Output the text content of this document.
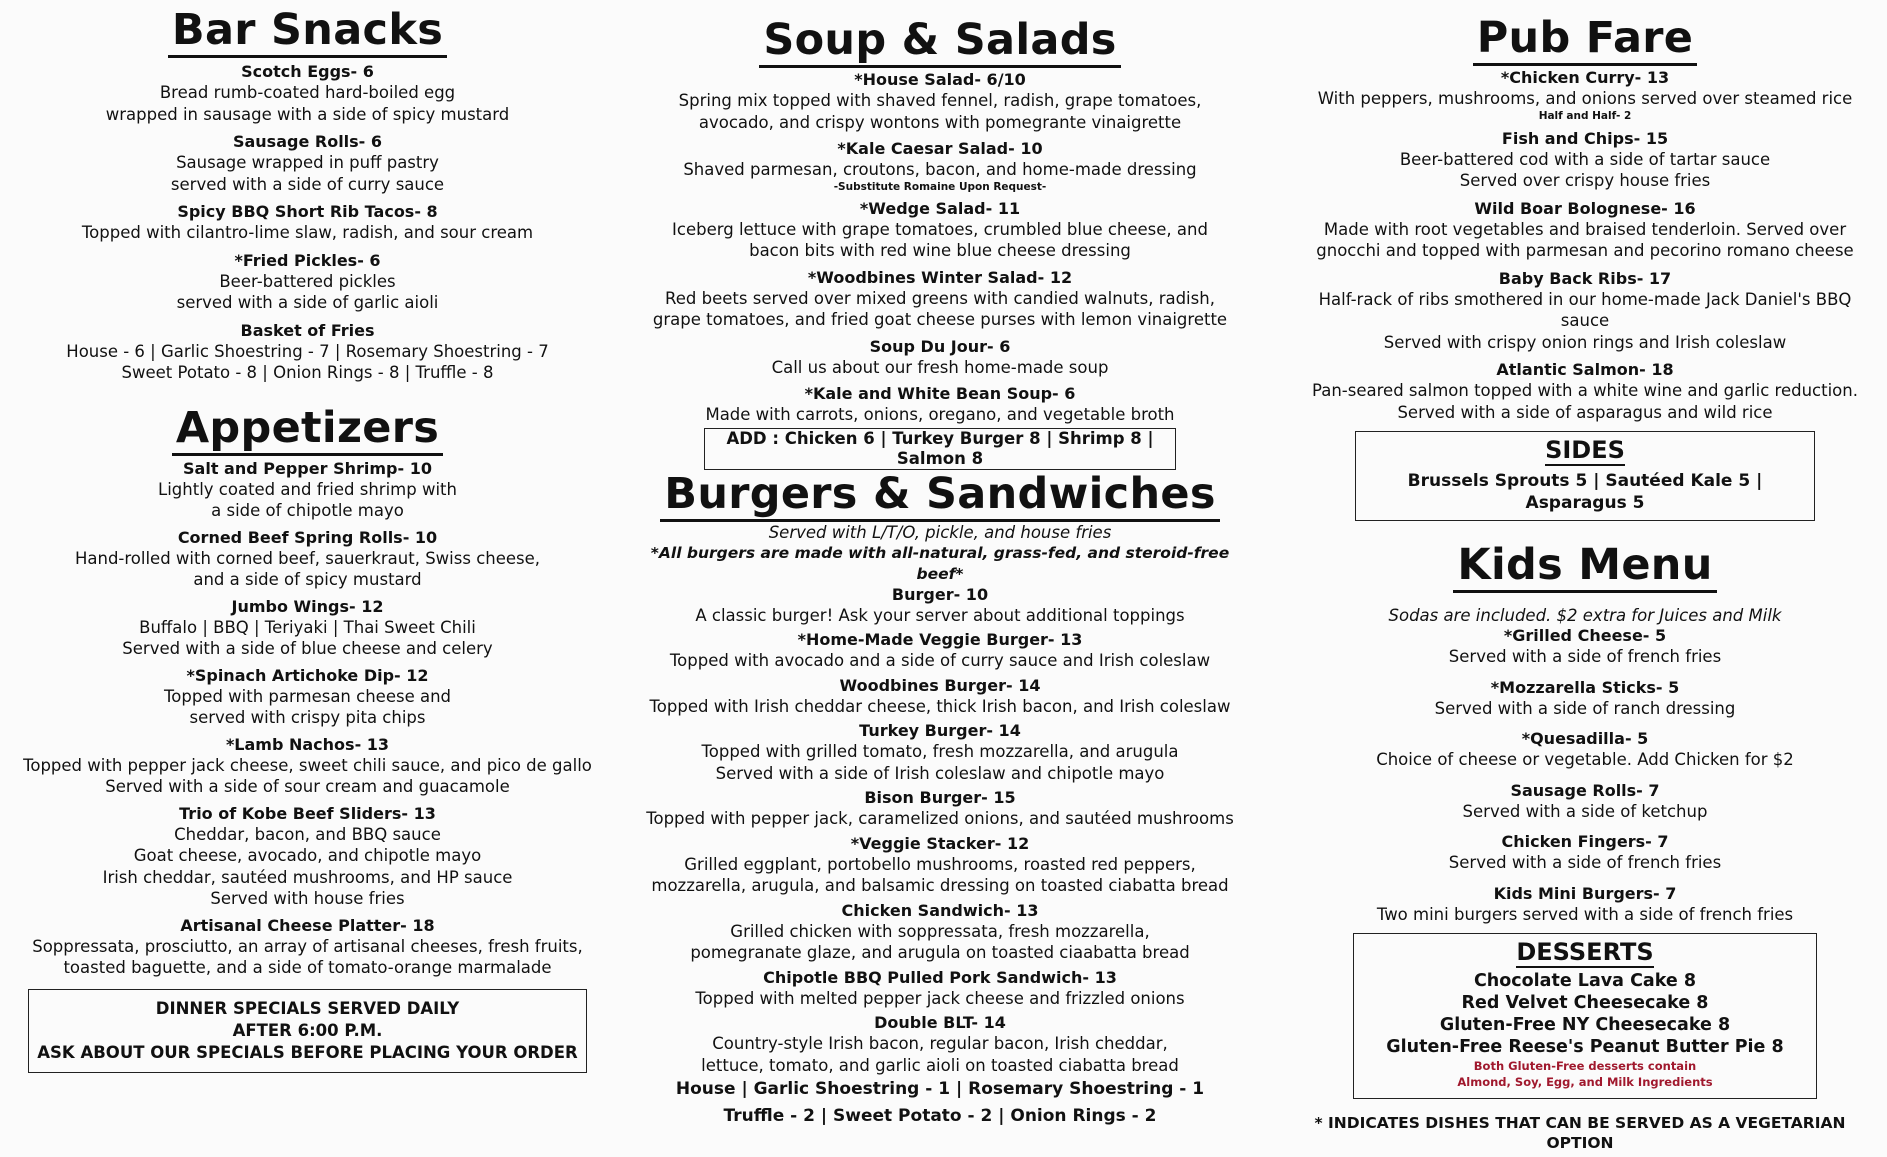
Bar Snacks
Scotch Eggs- 6
Bread rumb-coated hard-boiled egg
wrapped in sausage with a side of spicy mustard
Sausage Rolls- 6
Sausage wrapped in puff pastry
served with a side of curry sauce
Spicy BBQ Short Rib Tacos- 8
Topped with cilantro-lime slaw, radish, and sour cream
*Fried Pickles- 6
Beer-battered pickles
served with a side of garlic aioli
Basket of Fries
House - 6 | Garlic Shoestring - 7 | Rosemary Shoestring - 7
Sweet Potato - 8 | Onion Rings - 8 | Truffle - 8
Appetizers
Salt and Pepper Shrimp- 10
Lightly coated and fried shrimp with
a side of chipotle mayo
Corned Beef Spring Rolls- 10
Hand-rolled with corned beef, sauerkraut, Swiss cheese,
and a side of spicy mustard
Jumbo Wings- 12
Buffalo | BBQ | Teriyaki | Thai Sweet Chili
Served with a side of blue cheese and celery
*Spinach Artichoke Dip- 12
Topped with parmesan cheese and
served with crispy pita chips
*Lamb Nachos- 13
Topped with pepper jack cheese, sweet chili sauce, and pico de gallo
Served with a side of sour cream and guacamole
Trio of Kobe Beef Sliders- 13
Cheddar, bacon, and BBQ sauce
Goat cheese, avocado, and chipotle mayo
Irish cheddar, sautéed mushrooms, and HP sauce
Served with house fries
Artisanal Cheese Platter- 18
Soppressata, prosciutto, an array of artisanal cheeses, fresh fruits,
toasted baguette, and a side of tomato-orange marmalade
DINNER SPECIALS SERVED DAILY
AFTER 6:00 P.M.
ASK ABOUT OUR SPECIALS BEFORE PLACING YOUR ORDER
Soup & Salads
*House Salad- 6/10
Spring mix topped with shaved fennel, radish, grape tomatoes,
avocado, and crispy wontons with pomegrante vinaigrette
*Kale Caesar Salad- 10
Shaved parmesan, croutons, bacon, and home-made dressing
-Substitute Romaine Upon Request-
*Wedge Salad- 11
Iceberg lettuce with grape tomatoes, crumbled blue cheese, and
bacon bits with red wine blue cheese dressing
*Woodbines Winter Salad- 12
Red beets served over mixed greens with candied walnuts, radish,
grape tomatoes, and fried goat cheese purses with lemon vinaigrette
Soup Du Jour- 6
Call us about our fresh home-made soup
*Kale and White Bean Soup- 6
Made with carrots, onions, oregano, and vegetable broth
ADD : Chicken 6 | Turkey Burger 8 | Shrimp 8 | Salmon 8
Burgers & Sandwiches
Served with L/T/O, pickle, and house fries
*All burgers are made with all-natural, grass-fed, and steroid-free beef*
Burger- 10
A classic burger! Ask your server about additional toppings
*Home-Made Veggie Burger- 13
Topped with avocado and a side of curry sauce and Irish coleslaw
Woodbines Burger- 14
Topped with Irish cheddar cheese, thick Irish bacon, and Irish coleslaw
Turkey Burger- 14
Topped with grilled tomato, fresh mozzarella, and arugula
Served with a side of Irish coleslaw and chipotle mayo
Bison Burger- 15
Topped with pepper jack, caramelized onions, and sautéed mushrooms
*Veggie Stacker- 12
Grilled eggplant, portobello mushrooms, roasted red peppers,
mozzarella, arugula, and balsamic dressing on toasted ciabatta bread
Chicken Sandwich- 13
Grilled chicken with soppressata, fresh mozzarella,
pomegranate glaze, and arugula on toasted ciaabatta bread
Chipotle BBQ Pulled Pork Sandwich- 13
Topped with melted pepper jack cheese and frizzled onions
Double BLT- 14
Country-style Irish bacon, regular bacon, Irish cheddar,
lettuce, tomato, and garlic aioli on toasted ciabatta bread
House | Garlic Shoestring - 1 | Rosemary Shoestring - 1
Truffle - 2 | Sweet Potato - 2 | Onion Rings - 2
Pub Fare
*Chicken Curry- 13
With peppers, mushrooms, and onions served over steamed rice
Half and Half- 2
Fish and Chips- 15
Beer-battered cod with a side of tartar sauce
Served over crispy house fries
Wild Boar Bolognese- 16
Made with root vegetables and braised tenderloin. Served over
gnocchi and topped with parmesan and pecorino romano cheese
Baby Back Ribs- 17
Half-rack of ribs smothered in our home-made Jack Daniel's BBQ sauce
Served with crispy onion rings and Irish coleslaw
Atlantic Salmon- 18
Pan-seared salmon topped with a white wine and garlic reduction.
Served with a side of asparagus and wild rice
SIDES
Brussels Sprouts 5 | Sautéed Kale 5 | Asparagus 5
Kids Menu
Sodas are included. $2 extra for Juices and Milk
*Grilled Cheese- 5
Served with a side of french fries
*Mozzarella Sticks- 5
Served with a side of ranch dressing
*Quesadilla- 5
Choice of cheese or vegetable. Add Chicken for $2
Sausage Rolls- 7
Served with a side of ketchup
Chicken Fingers- 7
Served with a side of french fries
Kids Mini Burgers- 7
Two mini burgers served with a side of french fries
DESSERTS
Chocolate Lava Cake 8
Red Velvet Cheesecake 8
Gluten-Free NY Cheesecake 8
Gluten-Free Reese's Peanut Butter Pie 8
Both Gluten-Free desserts contain
Almond, Soy, Egg, and Milk Ingredients
* INDICATES DISHES THAT CAN BE SERVED AS A VEGETARIAN OPTION
